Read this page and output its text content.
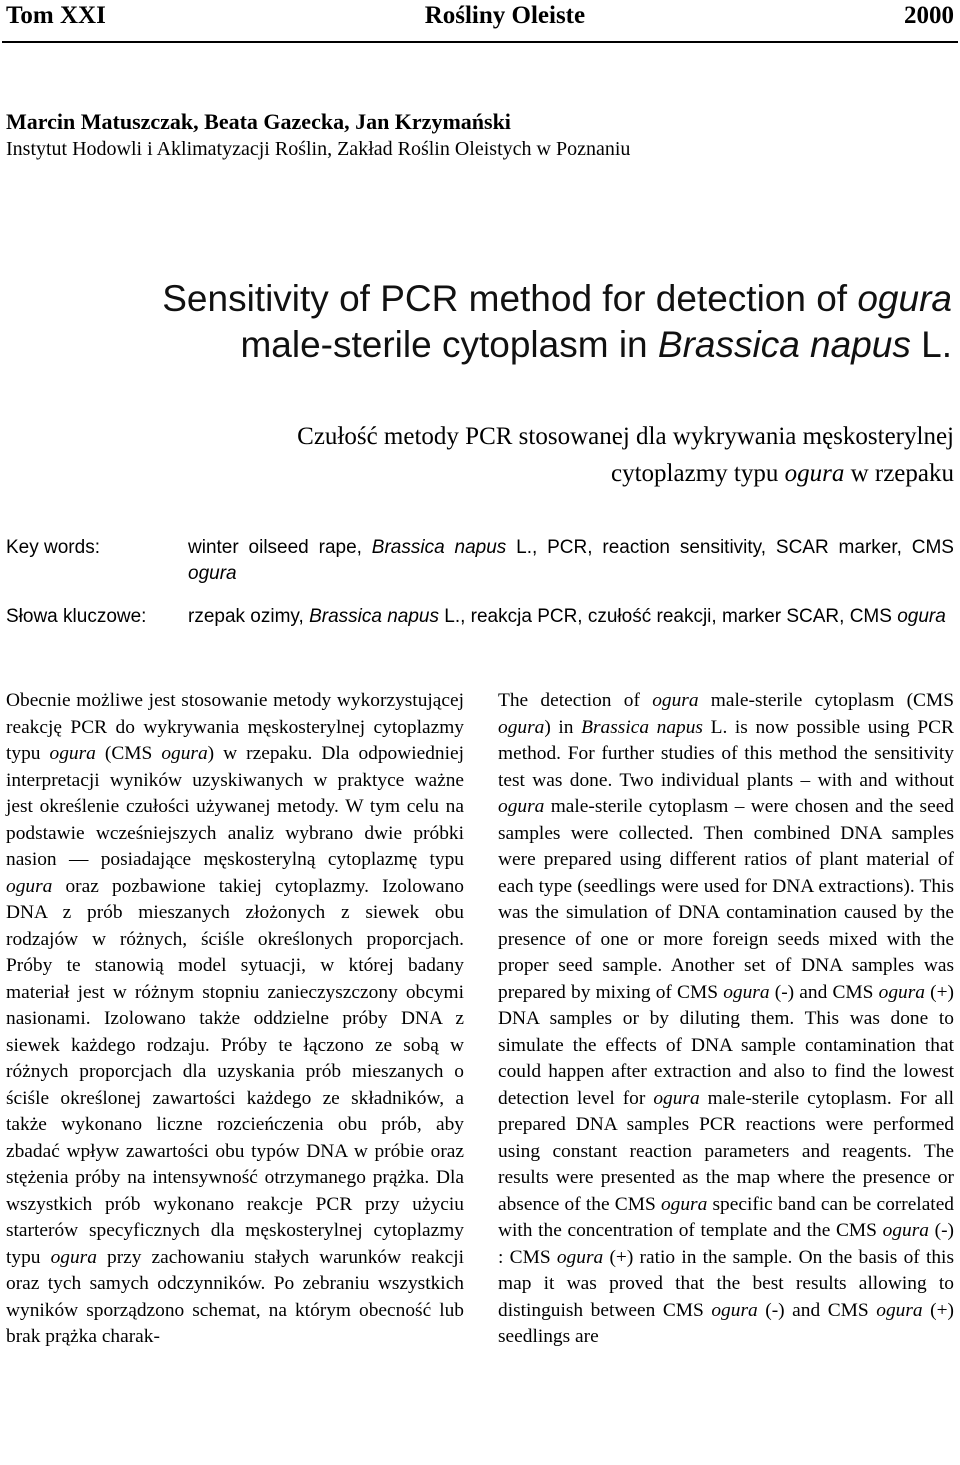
Tom XXI	Rośliny Oleiste	2000
Marcin Matuszczak, Beata Gazecka, Jan Krzymański
Instytut Hodowli i Aklimatyzacji Roślin, Zakład Roślin Oleistych w Poznaniu
Sensitivity of PCR method for detection of ogura
male-sterile cytoplasm in Brassica napus L.
Czułość metody PCR stosowanej dla wykrywania męskosterylnej
cytoplazmy typu ogura w rzepaku
Key words:	winter oilseed rape, Brassica napus L., PCR, reaction sensitivity, SCAR marker, CMS ogura
Słowa kluczowe: rzepak ozimy, Brassica napus L., reakcja PCR, czułość reakcji, marker SCAR, CMS ogura

Obecnie możliwe jest stosowanie metody wykorzystującej reakcję PCR do wykrywania męskosterylnej cytoplazmy typu ogura (CMS ogura) w rzepaku. Dla odpowiedniej interpretacji wyników uzyskiwanych w praktyce ważne jest określenie czułości używanej metody. W tym celu na podstawie wcześniejszych analiz wybrano dwie próbki nasion — posiadające męskosterylną cytoplazmę typu ogura oraz pozbawione takiej cytoplazmy. Izolowano DNA z prób mieszanych złożonych z siewek obu rodzajów w różnych, ściśle określonych proporcjach. Próby te stanowią model sytuacji, w której badany materiał jest w różnym stopniu zanieczyszczony obcymi nasionami. Izolowano także oddzielne próby DNA z siewek każdego rodzaju. Próby te łączono ze sobą w różnych proporcjach dla uzyskania prób mieszanych o ściśle określonej zawartości każdego ze składników, a także wykonano liczne rozcieńczenia obu prób, aby zbadać wpływ zawartości obu typów DNA w próbie oraz stężenia próby na intensywność otrzymanego prążka. Dla wszystkich prób wykonano reakcje PCR przy użyciu starterów specyficznych dla męskosterylnej cytoplazmy typu ogura przy zachowaniu stałych warunków reakcji oraz tych samych odczynników. Po zebraniu wszystkich wyników sporządzono schemat, na którym obecność lub brak prążka charak-

The detection of ogura male-sterile cytoplasm (CMS ogura) in Brassica napus L. is now possible using PCR method. For further studies of this method the sensitivity test was done. Two individual plants – with and without ogura male-sterile cytoplasm – were chosen and the seed samples were collected. Then combined DNA samples were prepared using different ratios of plant material of each type (seedlings were used for DNA extractions). This was the simulation of DNA contamination caused by the presence of one or more foreign seeds mixed with the proper seed sample. Another set of DNA samples was prepared by mixing of CMS ogura (-) and CMS ogura (+) DNA samples or by diluting them. This was done to simulate the effects of DNA sample contamination that could happen after extraction and also to find the lowest detection level for ogura male-sterile cytoplasm. For all prepared DNA samples PCR reactions were performed using constant reaction parameters and reagents. The results were presented as the map where the presence or absence of the CMS ogura specific band can be correlated with the concentration of template and the CMS ogura (-) : CMS ogura (+) ratio in the sample. On the basis of this map it was proved that the best results allowing to distinguish between CMS ogura (-) and CMS ogura (+) seedlings are
